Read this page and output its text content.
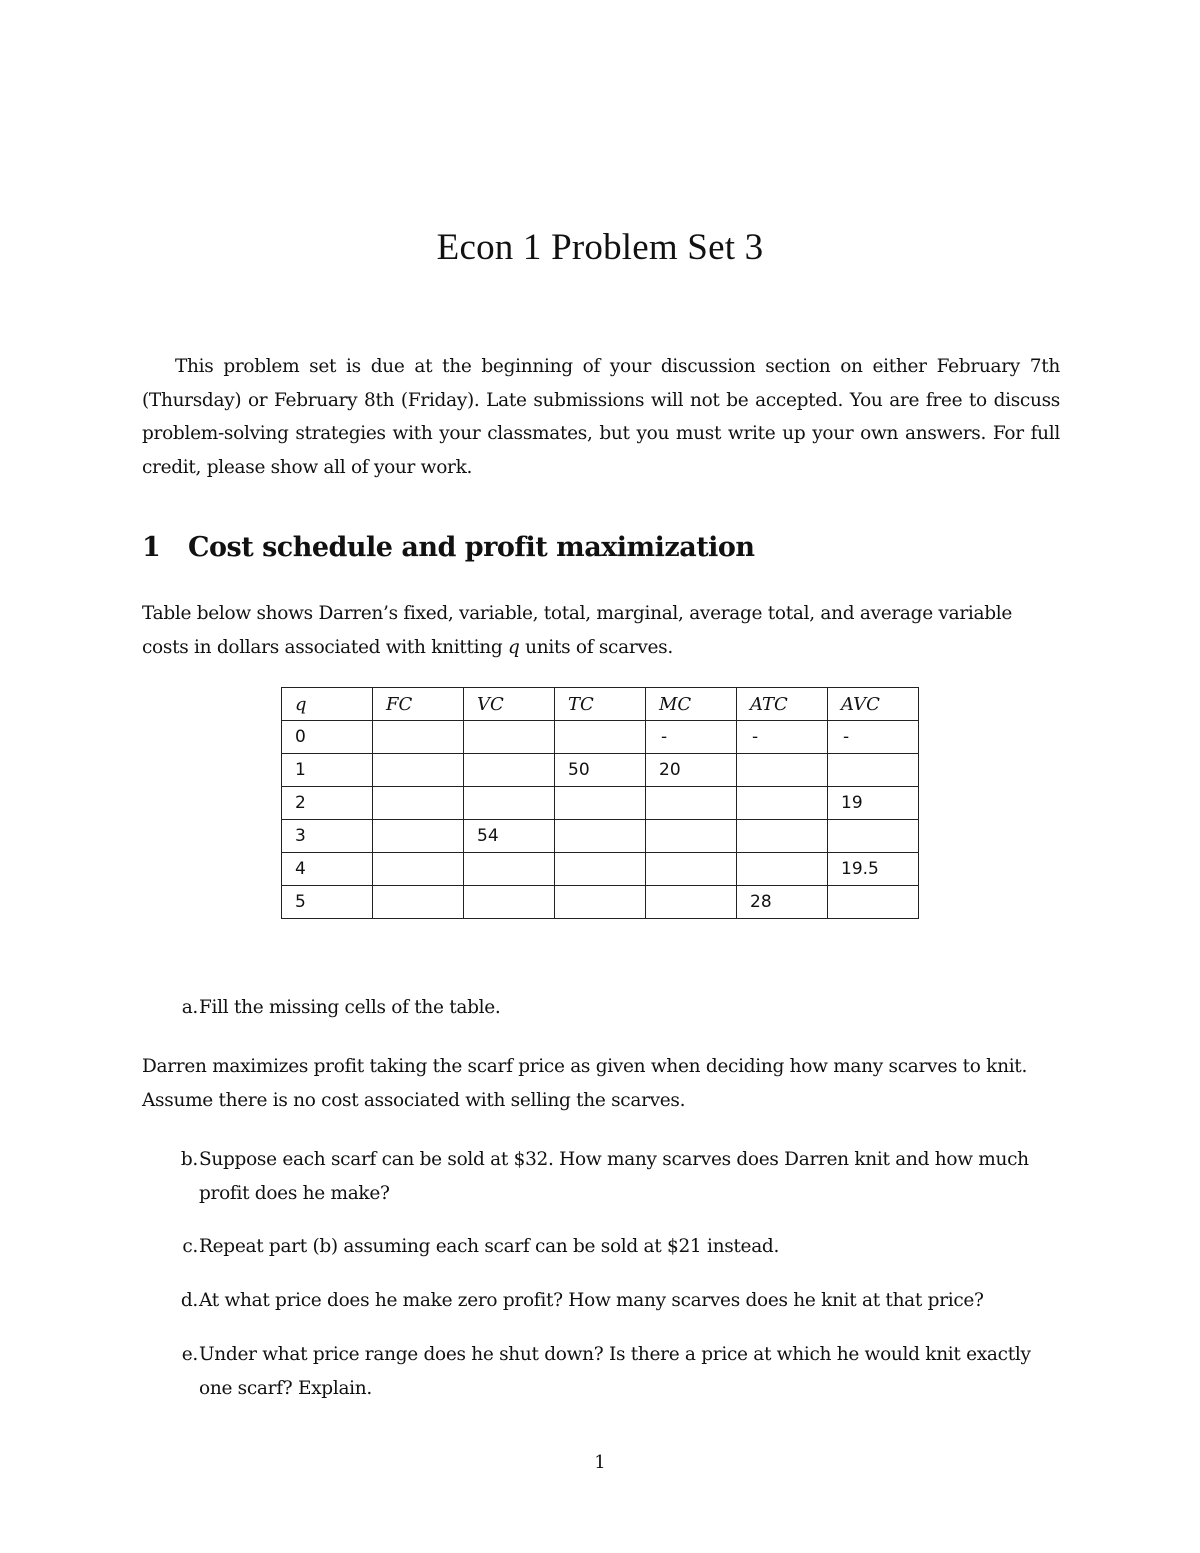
Econ 1 Problem Set 3

This problem set is due at the beginning of your discussion section on either February 7th (Thursday) or February 8th (Friday). Late submissions will not be accepted. You are free to discuss problem-solving strategies with your classmates, but you must write up your own answers. For full credit, please show all of your work.

1 Cost schedule and profit maximization

Table below shows Darren’s fixed, variable, total, marginal, average total, and average variable costs in dollars associated with knitting q units of scarves.

q	FC	VC	TC	MC	ATC	AVC
0				-	-	-
1			50	20		
2						19
3		54				
4						19.5
5					28	
a. Fill the missing cells of the table.

Darren maximizes profit taking the scarf price as given when deciding how many scarves to knit. Assume there is no cost associated with selling the scarves.

b. Suppose each scarf can be sold at $32. How many scarves does Darren knit and how much profit does he make?
c. Repeat part (b) assuming each scarf can be sold at $21 instead.
d. At what price does he make zero profit? How many scarves does he knit at that price?
e. Under what price range does he shut down? Is there a price at which he would knit exactly one scarf? Explain.
1
